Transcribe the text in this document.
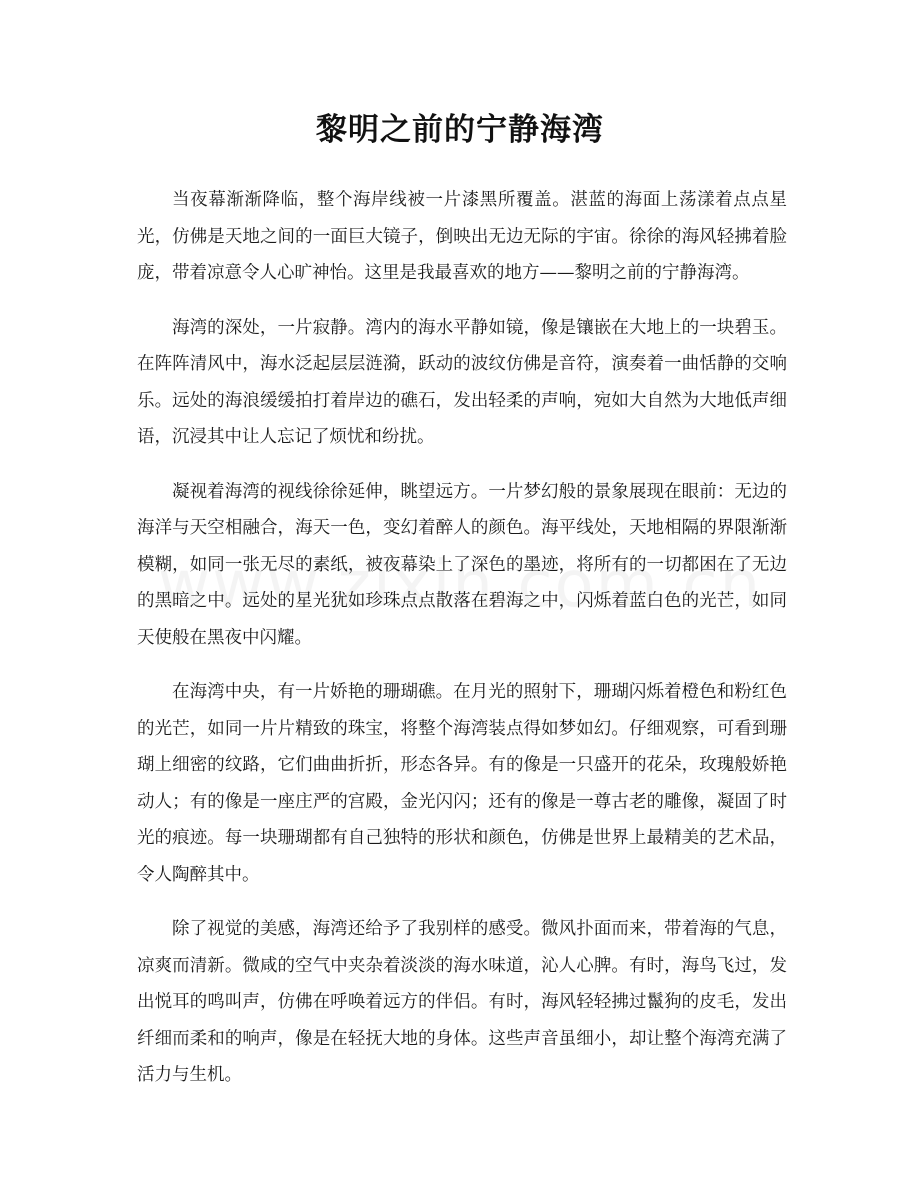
黎明之前的宁静海湾

当夜幕渐渐降临，整个海岸线被一片漆黑所覆盖。湛蓝的海面上荡漾着点点星光，仿佛是天地之间的一面巨大镜子，倒映出无边无际的宇宙。徐徐的海风轻拂着脸庞，带着凉意令人心旷神怡。这里是我最喜欢的地方——黎明之前的宁静海湾。

海湾的深处，一片寂静。湾内的海水平静如镜，像是镶嵌在大地上的一块碧玉。在阵阵清风中，海水泛起层层涟漪，跃动的波纹仿佛是音符，演奏着一曲恬静的交响乐。远处的海浪缓缓拍打着岸边的礁石，发出轻柔的声响，宛如大自然为大地低声细语，沉浸其中让人忘记了烦忧和纷扰。

凝视着海湾的视线徐徐延伸，眺望远方。一片梦幻般的景象展现在眼前：无边的海洋与天空相融合，海天一色，变幻着醉人的颜色。海平线处，天地相隔的界限渐渐模糊，如同一张无尽的素纸，被夜幕染上了深色的墨迹，将所有的一切都困在了无边的黑暗之中。远处的星光犹如珍珠点点散落在碧海之中，闪烁着蓝白色的光芒，如同天使般在黑夜中闪耀。

在海湾中央，有一片娇艳的珊瑚礁。在月光的照射下，珊瑚闪烁着橙色和粉红色的光芒，如同一片片精致的珠宝，将整个海湾装点得如梦如幻。仔细观察，可看到珊瑚上细密的纹路，它们曲曲折折，形态各异。有的像是一只盛开的花朵，玫瑰般娇艳动人；有的像是一座庄严的宫殿，金光闪闪；还有的像是一尊古老的雕像，凝固了时光的痕迹。每一块珊瑚都有自己独特的形状和颜色，仿佛是世界上最精美的艺术品，令人陶醉其中。

除了视觉的美感，海湾还给予了我别样的感受。微风扑面而来，带着海的气息，凉爽而清新。微咸的空气中夹杂着淡淡的海水味道，沁人心脾。有时，海鸟飞过，发出悦耳的鸣叫声，仿佛在呼唤着远方的伴侣。有时，海风轻轻拂过鬣狗的皮毛，发出纤细而柔和的响声，像是在轻抚大地的身体。这些声音虽细小，却让整个海湾充满了活力与生机。
